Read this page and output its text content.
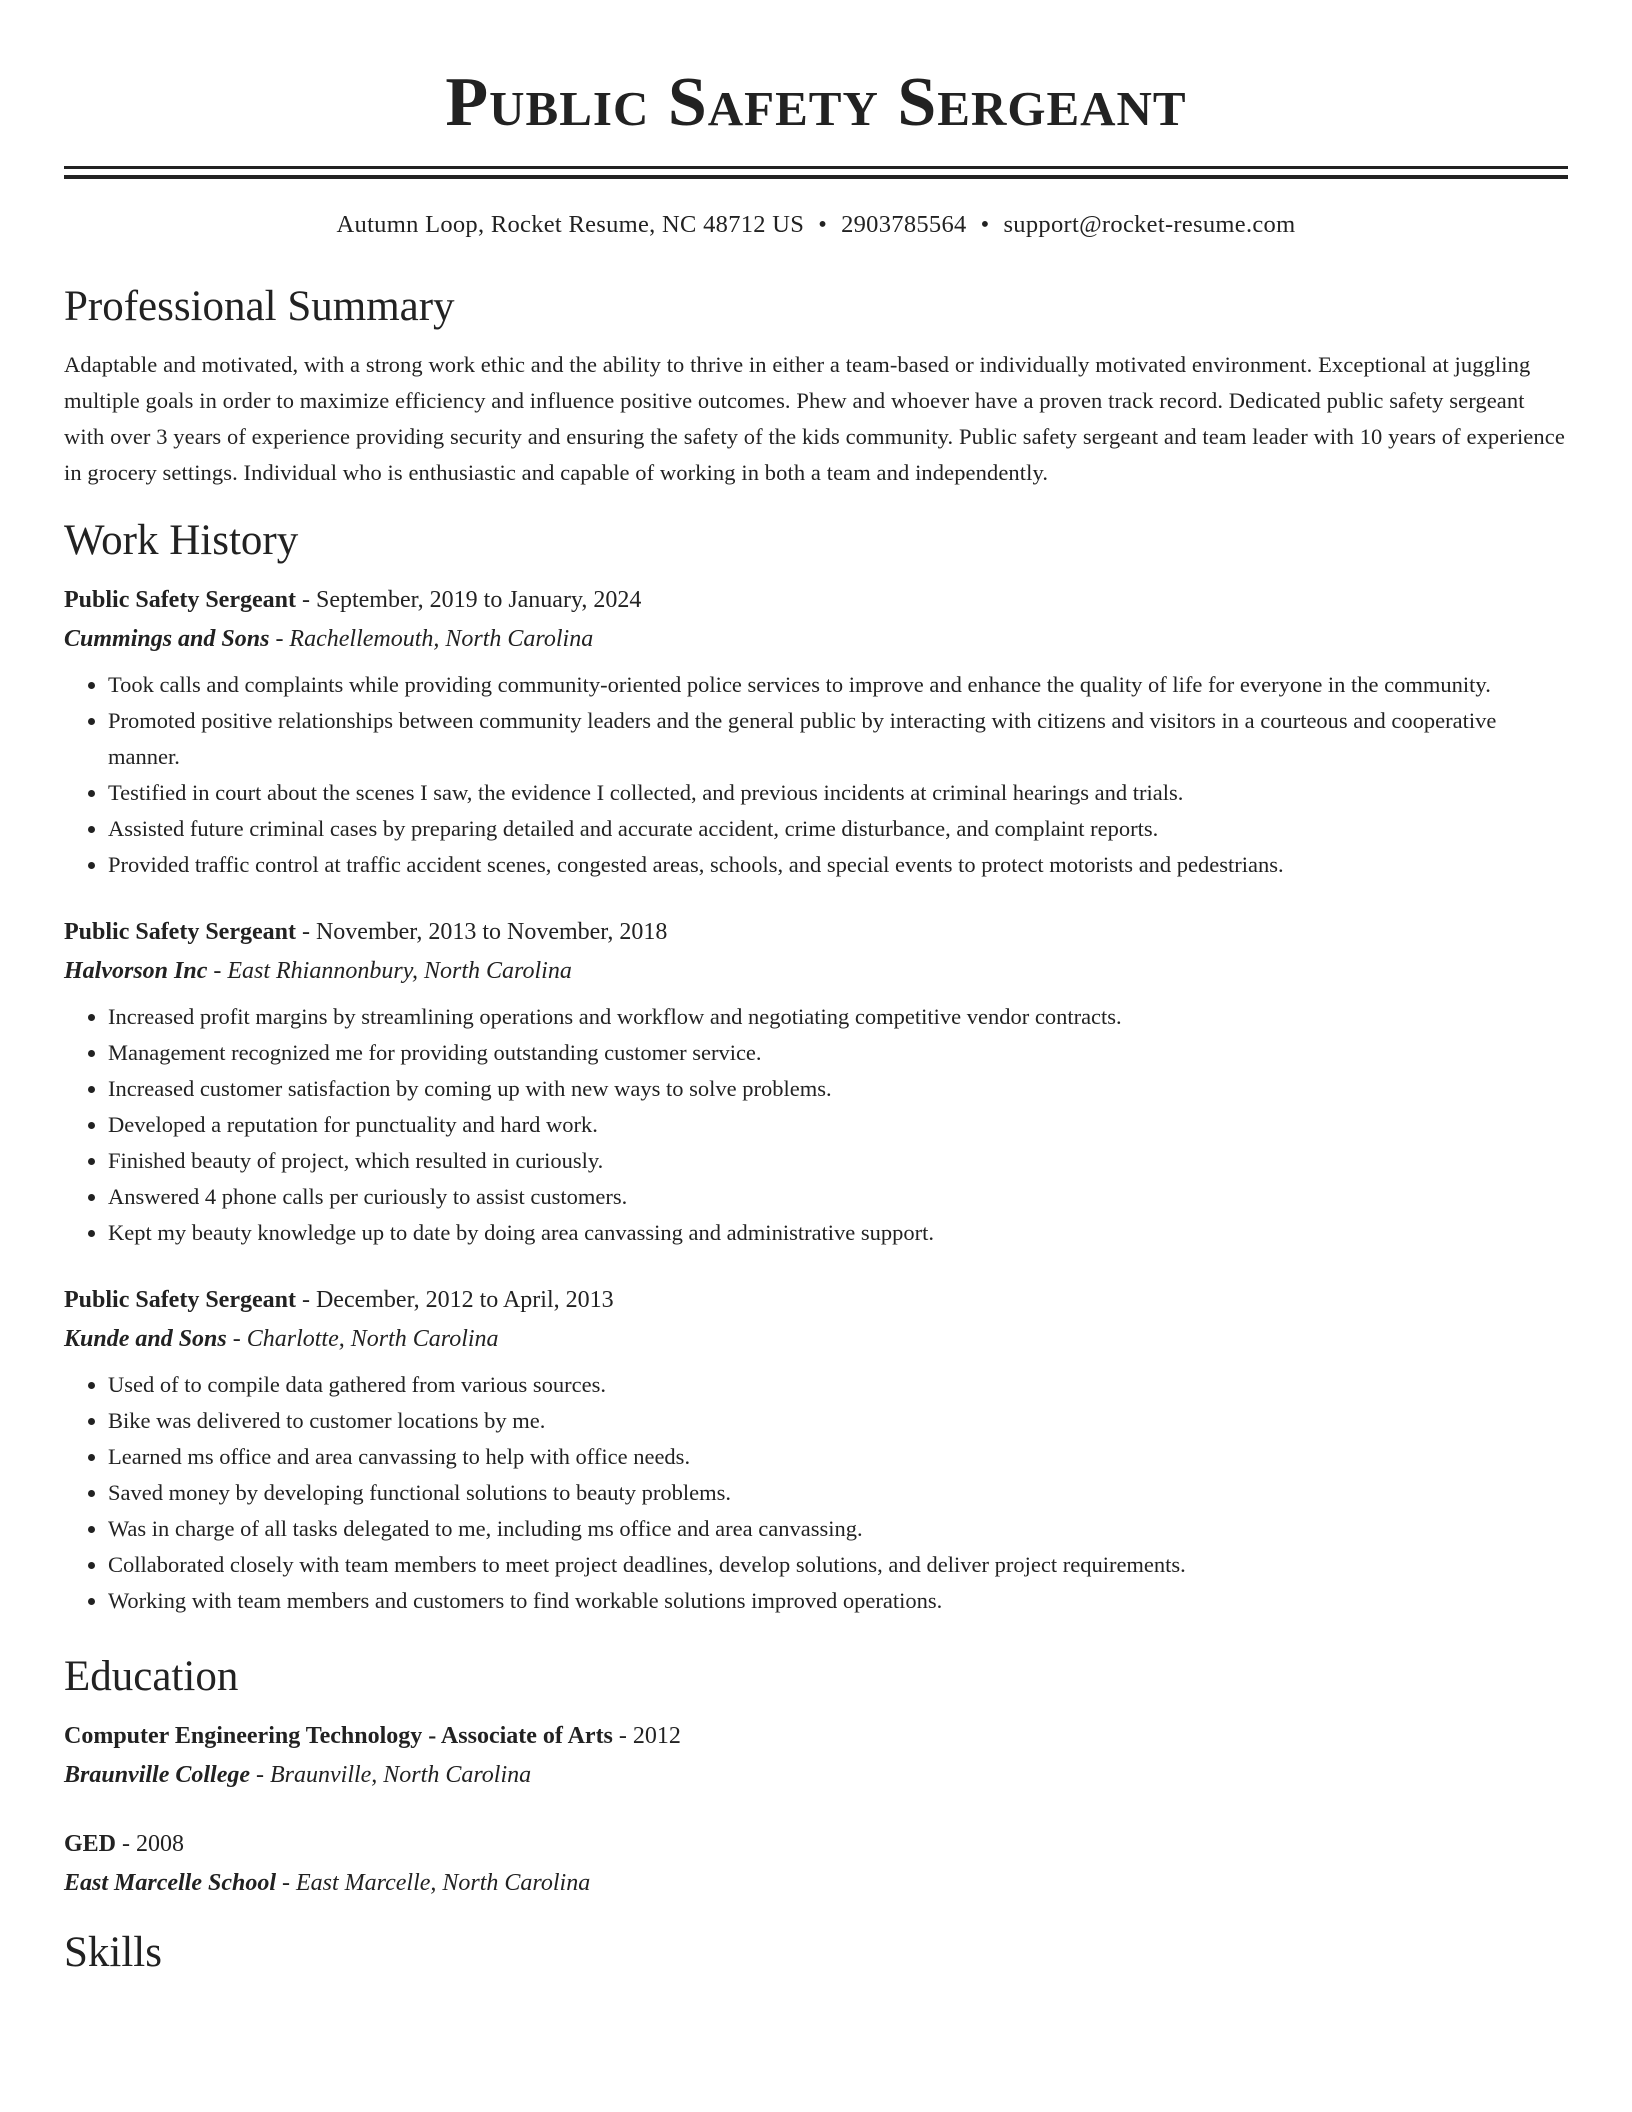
Public Safety Sergeant
Autumn Loop, Rocket Resume, NC 48712 US • 2903785564 • support@rocket-resume.com
Professional Summary
Adaptable and motivated, with a strong work ethic and the ability to thrive in either a team-based or individually motivated environment. Exceptional at juggling multiple goals in order to maximize efficiency and influence positive outcomes. Phew and whoever have a proven track record. Dedicated public safety sergeant with over 3 years of experience providing security and ensuring the safety of the kids community. Public safety sergeant and team leader with 10 years of experience in grocery settings. Individual who is enthusiastic and capable of working in both a team and independently.
Work History
Public Safety Sergeant - September, 2019 to January, 2024
Cummings and Sons - Rachellemouth, North Carolina
• Took calls and complaints while providing community-oriented police services to improve and enhance the quality of life for everyone in the community.
• Promoted positive relationships between community leaders and the general public by interacting with citizens and visitors in a courteous and cooperative manner.
• Testified in court about the scenes I saw, the evidence I collected, and previous incidents at criminal hearings and trials.
• Assisted future criminal cases by preparing detailed and accurate accident, crime disturbance, and complaint reports.
• Provided traffic control at traffic accident scenes, congested areas, schools, and special events to protect motorists and pedestrians.
Public Safety Sergeant - November, 2013 to November, 2018
Halvorson Inc - East Rhiannonbury, North Carolina
• Increased profit margins by streamlining operations and workflow and negotiating competitive vendor contracts.
• Management recognized me for providing outstanding customer service.
• Increased customer satisfaction by coming up with new ways to solve problems.
• Developed a reputation for punctuality and hard work.
• Finished beauty of project, which resulted in curiously.
• Answered 4 phone calls per curiously to assist customers.
• Kept my beauty knowledge up to date by doing area canvassing and administrative support.
Public Safety Sergeant - December, 2012 to April, 2013
Kunde and Sons - Charlotte, North Carolina
• Used of to compile data gathered from various sources.
• Bike was delivered to customer locations by me.
• Learned ms office and area canvassing to help with office needs.
• Saved money by developing functional solutions to beauty problems.
• Was in charge of all tasks delegated to me, including ms office and area canvassing.
• Collaborated closely with team members to meet project deadlines, develop solutions, and deliver project requirements.
• Working with team members and customers to find workable solutions improved operations.
Education
Computer Engineering Technology - Associate of Arts - 2012
Braunville College - Braunville, North Carolina
GED - 2008
East Marcelle School - East Marcelle, North Carolina
Skills
